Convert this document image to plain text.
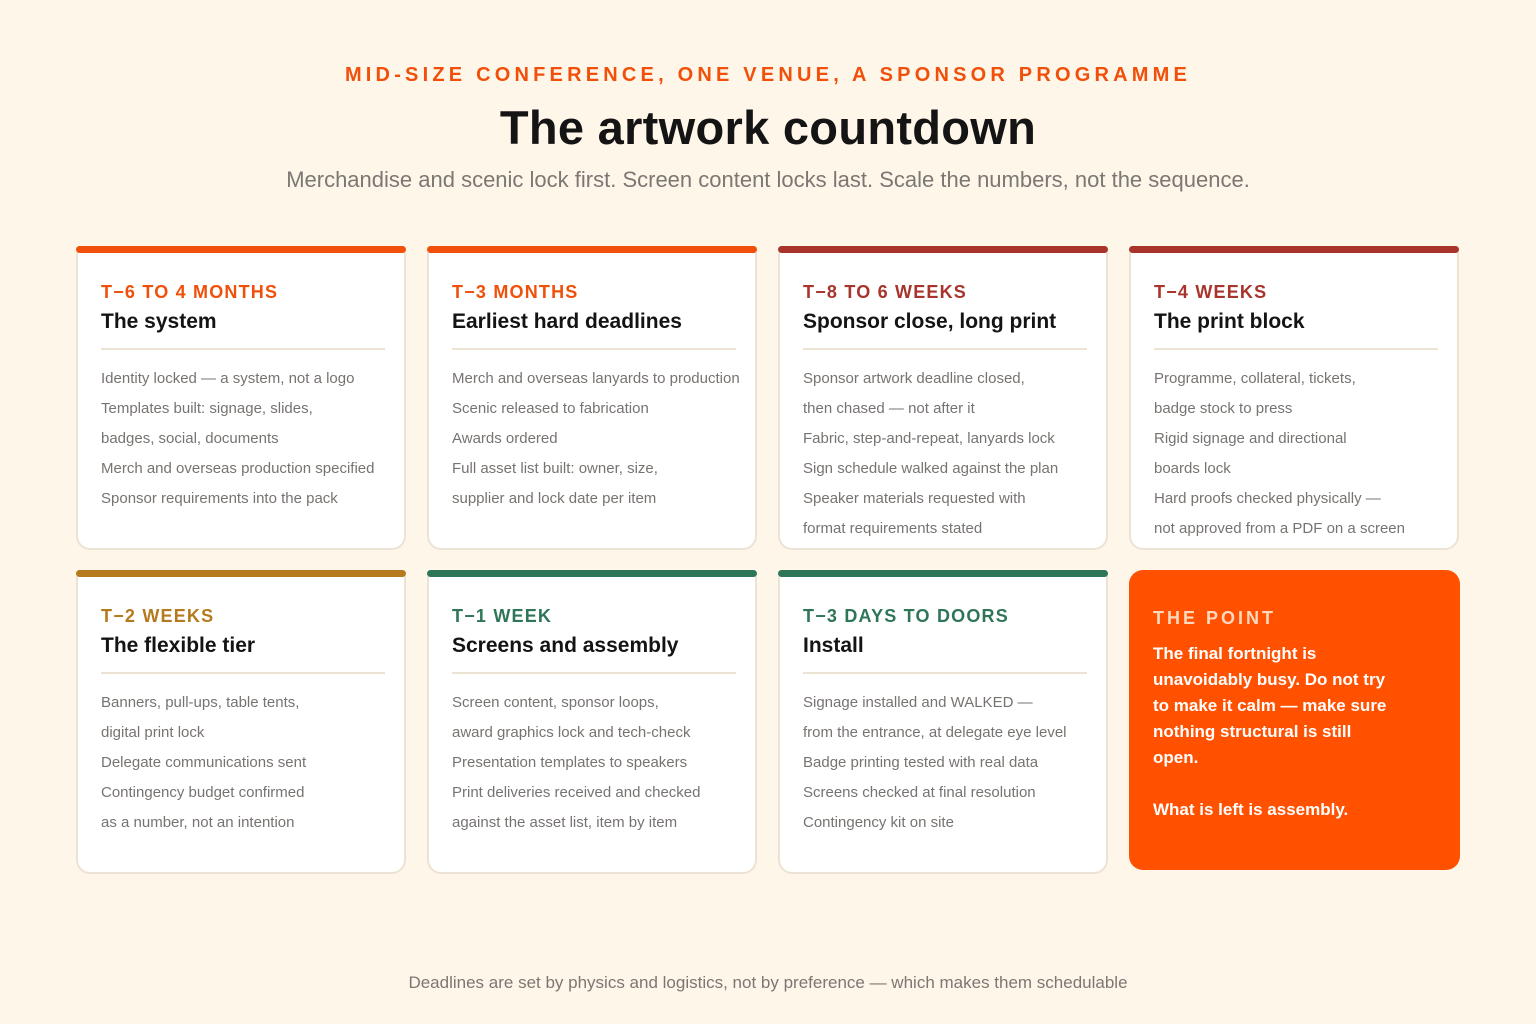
MID-SIZE CONFERENCE, ONE VENUE, A SPONSOR PROGRAMME
The artwork countdown
Merchandise and scenic lock first. Screen content locks last. Scale the numbers, not the sequence.
T−6 TO 4 MONTHS
The system
Identity locked — a system, not a logo
Templates built: signage, slides,
badges, social, documents
Merch and overseas production specified
Sponsor requirements into the pack
T−3 MONTHS
Earliest hard deadlines
Merch and overseas lanyards to production
Scenic released to fabrication
Awards ordered
Full asset list built: owner, size,
supplier and lock date per item
T−8 TO 6 WEEKS
Sponsor close, long print
Sponsor artwork deadline closed,
then chased — not after it
Fabric, step-and-repeat, lanyards lock
Sign schedule walked against the plan
Speaker materials requested with
format requirements stated
T−4 WEEKS
The print block
Programme, collateral, tickets,
badge stock to press
Rigid signage and directional
boards lock
Hard proofs checked physically —
not approved from a PDF on a screen
T−2 WEEKS
The flexible tier
Banners, pull-ups, table tents,
digital print lock
Delegate communications sent
Contingency budget confirmed
as a number, not an intention
T−1 WEEK
Screens and assembly
Screen content, sponsor loops,
award graphics lock and tech-check
Presentation templates to speakers
Print deliveries received and checked
against the asset list, item by item
T−3 DAYS TO DOORS
Install
Signage installed and WALKED —
from the entrance, at delegate eye level
Badge printing tested with real data
Screens checked at final resolution
Contingency kit on site
THE POINT
The final fortnight is unavoidably busy. Do not try to make it calm — make sure nothing structural is still open.
What is left is assembly.
Deadlines are set by physics and logistics, not by preference — which makes them schedulable
